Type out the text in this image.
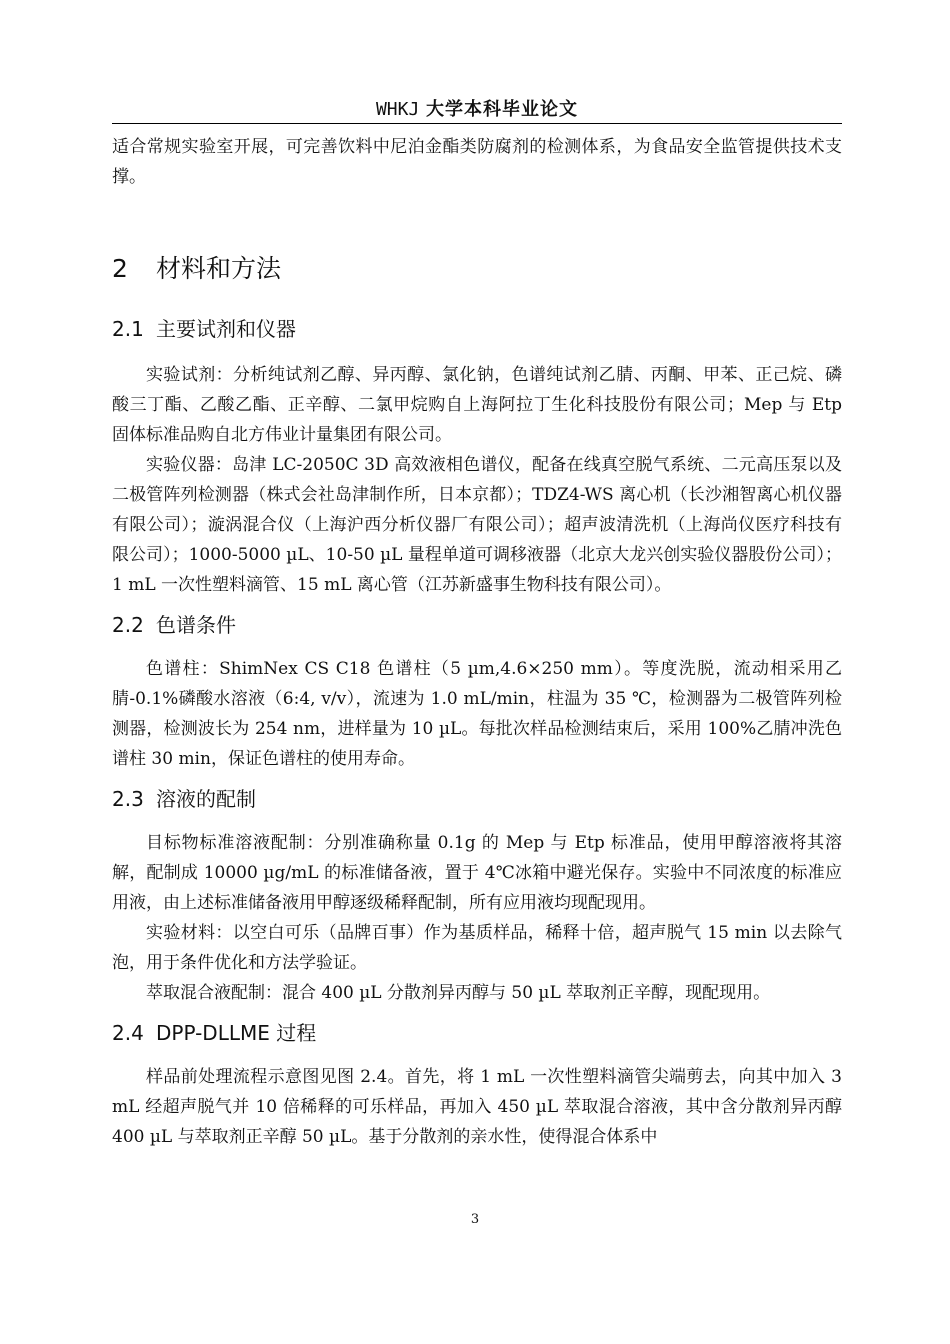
WHKJ 大学本科毕业论文

适合常规实验室开展，可完善饮料中尼泊金酯类防腐剂的检测体系，为食品安全监管提供技术支撑。

2 材料和方法
2.1 主要试剂和仪器

实验试剂：分析纯试剂乙醇、异丙醇、氯化钠，色谱纯试剂乙腈、丙酮、甲苯、正己烷、磷酸三丁酯、乙酸乙酯、正辛醇、二氯甲烷购自上海阿拉丁生化科技股份有限公司；Mep 与 Etp 固体标准品购自北方伟业计量集团有限公司。

实验仪器：岛津 LC-2050C 3D 高效液相色谱仪，配备在线真空脱气系统、二元高压泵以及二极管阵列检测器（株式会社岛津制作所，日本京都）；TDZ4-WS 离心机（长沙湘智离心机仪器有限公司）；漩涡混合仪（上海沪西分析仪器厂有限公司）；超声波清洗机（上海尚仪医疗科技有限公司）；1000-5000 µL、10-50 µL 量程单道可调移液器（北京大龙兴创实验仪器股份公司）；1 mL 一次性塑料滴管、15 mL 离心管（江苏新盛事生物科技有限公司）。

2.2 色谱条件

色谱柱：ShimNex CS C18 色谱柱（5 µm,4.6×250 mm）。等度洗脱，流动相采用乙腈-0.1%磷酸水溶液（6:4, v/v），流速为 1.0 mL/min，柱温为 35 ℃，检测器为二极管阵列检测器，检测波长为 254 nm，进样量为 10 µL。每批次样品检测结束后，采用 100%乙腈冲洗色谱柱 30 min，保证色谱柱的使用寿命。

2.3 溶液的配制

目标物标准溶液配制：分别准确称量 0.1g 的 Mep 与 Etp 标准品，使用甲醇溶液将其溶解，配制成 10000 µg/mL 的标准储备液，置于 4℃冰箱中避光保存。实验中不同浓度的标准应用液，由上述标准储备液用甲醇逐级稀释配制，所有应用液均现配现用。

实验材料：以空白可乐（品牌百事）作为基质样品，稀释十倍，超声脱气 15 min 以去除气泡，用于条件优化和方法学验证。

萃取混合液配制：混合 400 µL 分散剂异丙醇与 50 µL 萃取剂正辛醇，现配现用。

2.4 DPP-DLLME 过程

样品前处理流程示意图见图 2.4。首先，将 1 mL 一次性塑料滴管尖端剪去，向其中加入 3 mL 经超声脱气并 10 倍稀释的可乐样品，再加入 450 µL 萃取混合溶液，其中含分散剂异丙醇 400 µL 与萃取剂正辛醇 50 µL。基于分散剂的亲水性，使得混合体系中

3
